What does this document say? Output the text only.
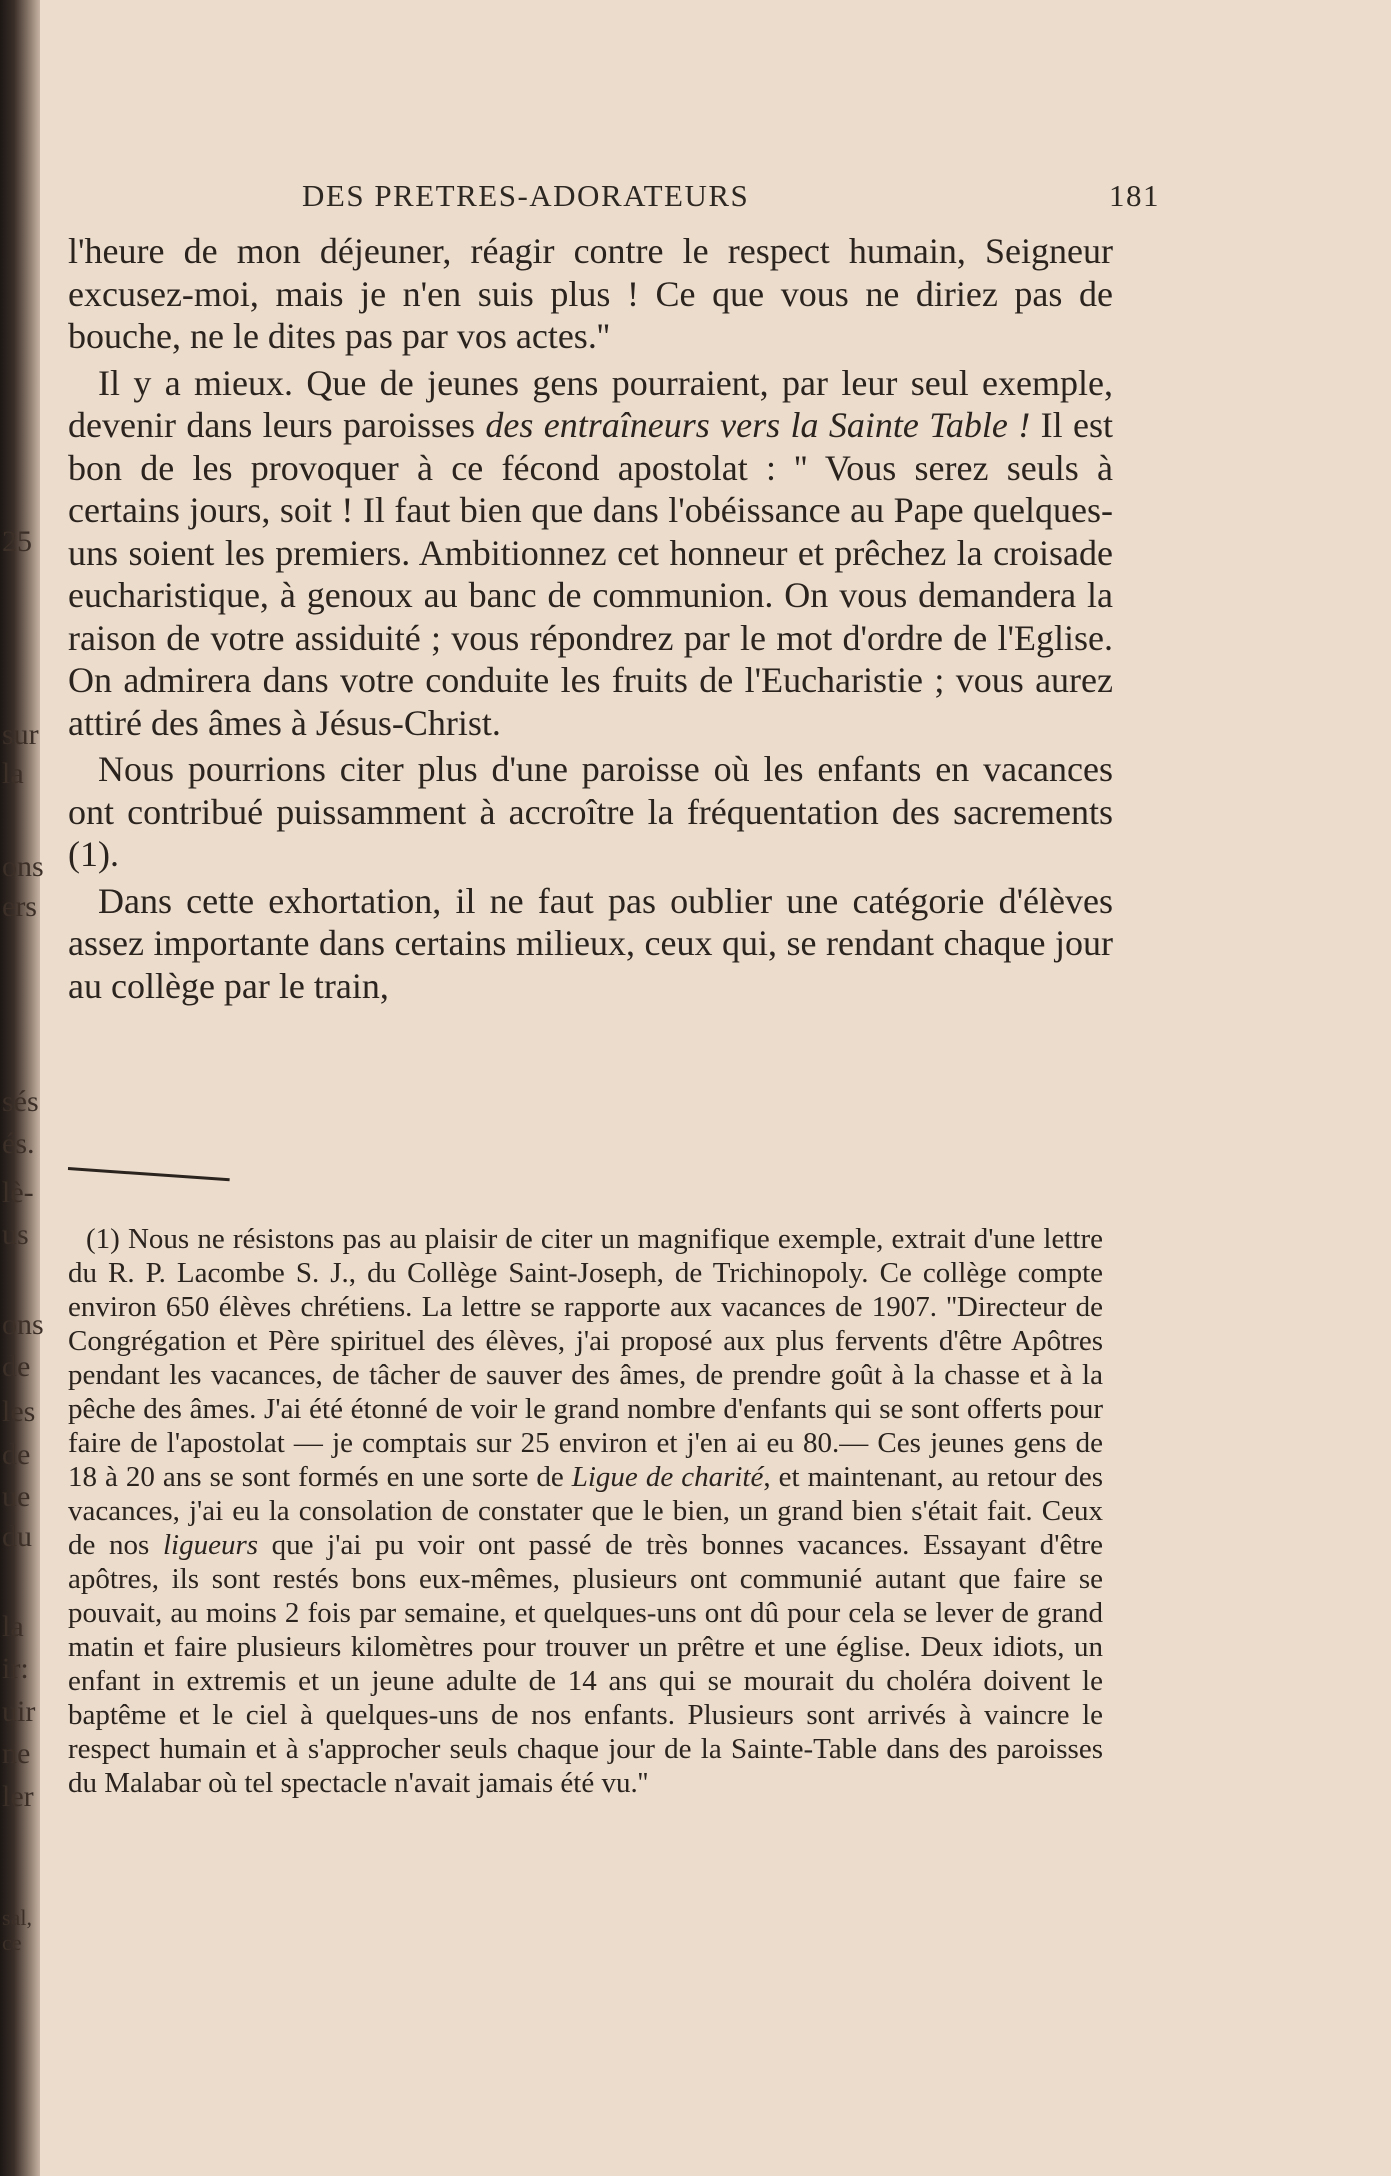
25
sur
la
ons
ers
sés
és.
lè-
us
ons
de
les
de
ue
du
la
ir:
uir
ne
ler
sal,
ce
DES PRETRES-ADORATEURS	181

l'heure de mon déjeuner, réagir contre le respect humain, Seigneur excusez-moi, mais je n'en suis plus ! Ce que vous ne diriez pas de bouche, ne le dites pas par vos actes.''

Il y a mieux. Que de jeunes gens pourraient, par leur seul exemple, devenir dans leurs paroisses des entraîneurs vers la Sainte Table ! Il est bon de les provoquer à ce fécond apostolat : '' Vous serez seuls à certains jours, soit ! Il faut bien que dans l'obéissance au Pape quelques-uns soient les premiers. Ambitionnez cet honneur et prêchez la croisade eucharistique, à genoux au banc de communion. On vous demandera la raison de votre assiduité ; vous répondrez par le mot d'ordre de l'Eglise. On admirera dans votre conduite les fruits de l'Eucharistie ; vous aurez attiré des âmes à Jésus-Christ.

Nous pourrions citer plus d'une paroisse où les enfants en vacances ont contribué puissamment à accroître la fréquentation des sacrements (1).

Dans cette exhortation, il ne faut pas oublier une catégorie d'élèves assez importante dans certains milieux, ceux qui, se rendant chaque jour au collège par le train,

(1) Nous ne résistons pas au plaisir de citer un magnifique exemple, extrait d'une lettre du R. P. Lacombe S. J., du Collège Saint-Joseph, de Trichinopoly. Ce collège compte environ 650 élèves chrétiens. La lettre se rapporte aux vacances de 1907. ''Directeur de Congrégation et Père spirituel des élèves, j'ai proposé aux plus fervents d'être Apôtres pendant les vacances, de tâcher de sauver des âmes, de prendre goût à la chasse et à la pêche des âmes. J'ai été étonné de voir le grand nombre d'enfants qui se sont offerts pour faire de l'apostolat — je comptais sur 25 environ et j'en ai eu 80.— Ces jeunes gens de 18 à 20 ans se sont formés en une sorte de Ligue de charité, et maintenant, au retour des vacances, j'ai eu la consolation de constater que le bien, un grand bien s'était fait. Ceux de nos ligueurs que j'ai pu voir ont passé de très bonnes vacances. Essayant d'être apôtres, ils sont restés bons eux-mêmes, plusieurs ont communié autant que faire se pouvait, au moins 2 fois par semaine, et quelques-uns ont dû pour cela se lever de grand matin et faire plusieurs kilomètres pour trouver un prêtre et une église. Deux idiots, un enfant in extremis et un jeune adulte de 14 ans qui se mourait du choléra doivent le baptême et le ciel à quelques-uns de nos enfants. Plusieurs sont arrivés à vaincre le respect humain et à s'approcher seuls chaque jour de la Sainte-Table dans des paroisses du Malabar où tel spectacle n'avait jamais été vu.''
